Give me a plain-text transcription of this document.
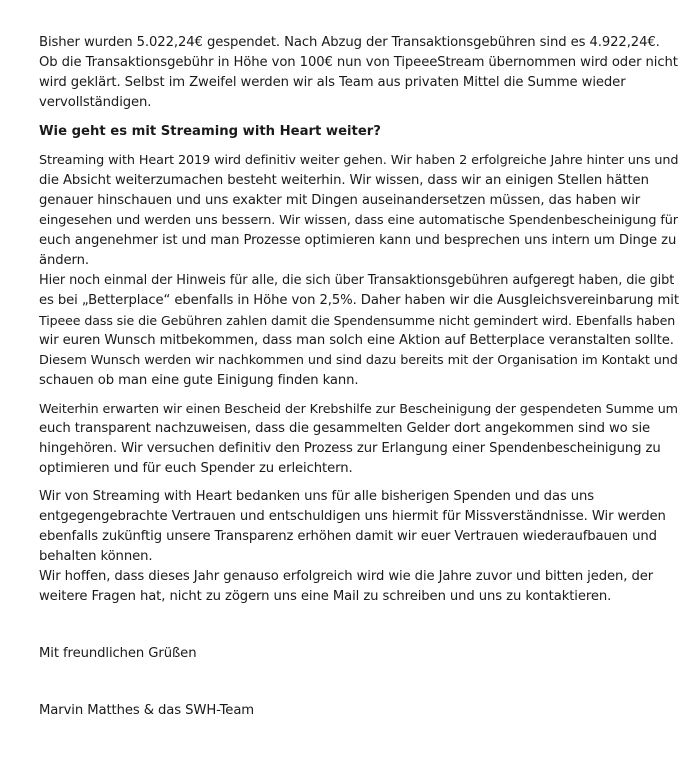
Bisher wurden 5.022,24€ gespendet. Nach Abzug der Transaktionsgebühren sind es 4.922,24€.
Ob die Transaktionsgebühr in Höhe von 100€ nun von TipeeeStream übernommen wird oder nicht
wird geklärt. Selbst im Zweifel werden wir als Team aus privaten Mittel die Summe wieder
vervollständigen.
Wie geht es mit Streaming with Heart weiter?
Streaming with Heart 2019 wird definitiv weiter gehen. Wir haben 2 erfolgreiche Jahre hinter uns und
die Absicht weiterzumachen besteht weiterhin. Wir wissen, dass wir an einigen Stellen hätten
genauer hinschauen und uns exakter mit Dingen auseinandersetzen müssen, das haben wir
eingesehen und werden uns bessern. Wir wissen, dass eine automatische Spendenbescheinigung für
euch angenehmer ist und man Prozesse optimieren kann und besprechen uns intern um Dinge zu
ändern.
Hier noch einmal der Hinweis für alle, die sich über Transaktionsgebühren aufgeregt haben, die gibt
es bei „Betterplace“ ebenfalls in Höhe von 2,5%. Daher haben wir die Ausgleichsvereinbarung mit
Tipeee dass sie die Gebühren zahlen damit die Spendensumme nicht gemindert wird. Ebenfalls haben
wir euren Wunsch mitbekommen, dass man solch eine Aktion auf Betterplace veranstalten sollte.
Diesem Wunsch werden wir nachkommen und sind dazu bereits mit der Organisation im Kontakt und
schauen ob man eine gute Einigung finden kann.
Weiterhin erwarten wir einen Bescheid der Krebshilfe zur Bescheinigung der gespendeten Summe um
euch transparent nachzuweisen, dass die gesammelten Gelder dort angekommen sind wo sie
hingehören. Wir versuchen definitiv den Prozess zur Erlangung einer Spendenbescheinigung zu
optimieren und für euch Spender zu erleichtern.
Wir von Streaming with Heart bedanken uns für alle bisherigen Spenden und das uns
entgegengebrachte Vertrauen und entschuldigen uns hiermit für Missverständnisse. Wir werden
ebenfalls zukünftig unsere Transparenz erhöhen damit wir euer Vertrauen wiederaufbauen und
behalten können.
Wir hoffen, dass dieses Jahr genauso erfolgreich wird wie die Jahre zuvor und bitten jeden, der
weitere Fragen hat, nicht zu zögern uns eine Mail zu schreiben und uns zu kontaktieren.
Mit freundlichen Grüßen
Marvin Matthes & das SWH-Team
